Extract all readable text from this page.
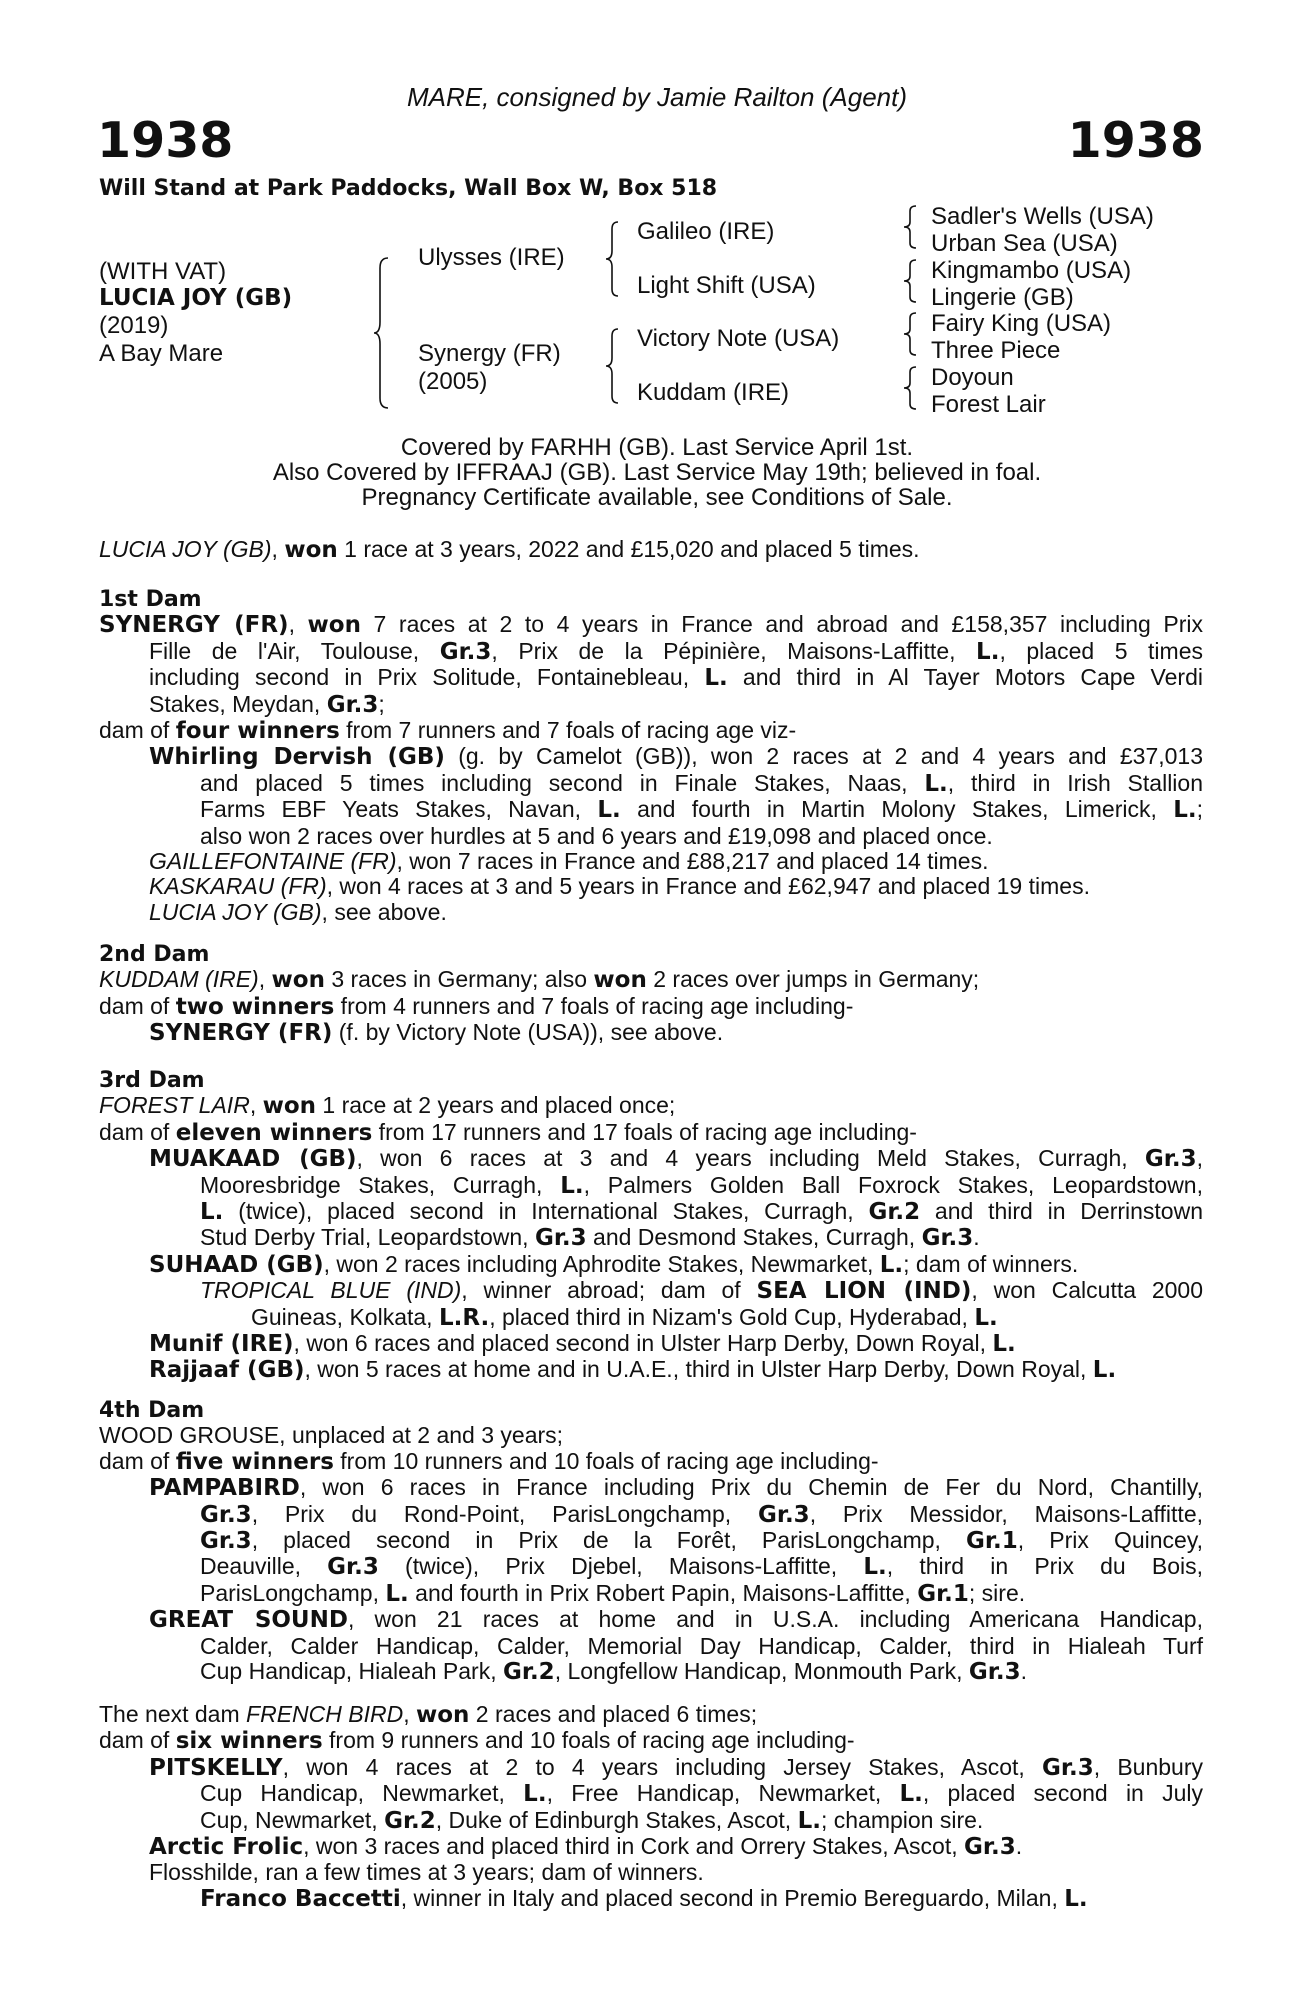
MARE, consigned by Jamie Railton (Agent)
1938	1938
Will Stand at Park Paddocks, Wall Box W, Box 518
(WITH VAT)
LUCIA JOY (GB)
(2019)
A Bay Mare
Ulysses (IRE)
Synergy (FR)
(2005)
Galileo (IRE)
Light Shift (USA)
Victory Note (USA)
Kuddam (IRE)
Sadler's Wells (USA)
Urban Sea (USA)
Kingmambo (USA)
Lingerie (GB)
Fairy King (USA)
Three Piece
Doyoun
Forest Lair
Covered by FARHH (GB). Last Service April 1st.
Also Covered by IFFRAAJ (GB). Last Service May 19th; believed in foal.
Pregnancy Certificate available, see Conditions of Sale.
LUCIA JOY (GB), won 1 race at 3 years, 2022 and £15,020 and placed 5 times.
1st Dam
SYNERGY (FR), won 7 races at 2 to 4 years in France and abroad and £158,357 including Prix
Fille de l'Air, Toulouse, Gr.3, Prix de la Pépinière, Maisons-Laffitte, L., placed 5 times
including second in Prix Solitude, Fontainebleau, L. and third in Al Tayer Motors Cape Verdi
Stakes, Meydan, Gr.3;
dam of four winners from 7 runners and 7 foals of racing age viz-
Whirling Dervish (GB) (g. by Camelot (GB)), won 2 races at 2 and 4 years and £37,013
and placed 5 times including second in Finale Stakes, Naas, L., third in Irish Stallion
Farms EBF Yeats Stakes, Navan, L. and fourth in Martin Molony Stakes, Limerick, L.;
also won 2 races over hurdles at 5 and 6 years and £19,098 and placed once.
GAILLEFONTAINE (FR), won 7 races in France and £88,217 and placed 14 times.
KASKARAU (FR), won 4 races at 3 and 5 years in France and £62,947 and placed 19 times.
LUCIA JOY (GB), see above.
2nd Dam
KUDDAM (IRE), won 3 races in Germany; also won 2 races over jumps in Germany;
dam of two winners from 4 runners and 7 foals of racing age including-
SYNERGY (FR) (f. by Victory Note (USA)), see above.
3rd Dam
FOREST LAIR, won 1 race at 2 years and placed once;
dam of eleven winners from 17 runners and 17 foals of racing age including-
MUAKAAD (GB), won 6 races at 3 and 4 years including Meld Stakes, Curragh, Gr.3,
Mooresbridge Stakes, Curragh, L., Palmers Golden Ball Foxrock Stakes, Leopardstown,
L. (twice), placed second in International Stakes, Curragh, Gr.2 and third in Derrinstown
Stud Derby Trial, Leopardstown, Gr.3 and Desmond Stakes, Curragh, Gr.3.
SUHAAD (GB), won 2 races including Aphrodite Stakes, Newmarket, L.; dam of winners.
TROPICAL BLUE (IND), winner abroad; dam of SEA LION (IND), won Calcutta 2000
Guineas, Kolkata, L.R., placed third in Nizam's Gold Cup, Hyderabad, L.
Munif (IRE), won 6 races and placed second in Ulster Harp Derby, Down Royal, L.
Rajjaaf (GB), won 5 races at home and in U.A.E., third in Ulster Harp Derby, Down Royal, L.
4th Dam
WOOD GROUSE, unplaced at 2 and 3 years;
dam of five winners from 10 runners and 10 foals of racing age including-
PAMPABIRD, won 6 races in France including Prix du Chemin de Fer du Nord, Chantilly,
Gr.3, Prix du Rond-Point, ParisLongchamp, Gr.3, Prix Messidor, Maisons-Laffitte,
Gr.3, placed second in Prix de la Forêt, ParisLongchamp, Gr.1, Prix Quincey,
Deauville, Gr.3 (twice), Prix Djebel, Maisons-Laffitte, L., third in Prix du Bois,
ParisLongchamp, L. and fourth in Prix Robert Papin, Maisons-Laffitte, Gr.1; sire.
GREAT SOUND, won 21 races at home and in U.S.A. including Americana Handicap,
Calder, Calder Handicap, Calder, Memorial Day Handicap, Calder, third in Hialeah Turf
Cup Handicap, Hialeah Park, Gr.2, Longfellow Handicap, Monmouth Park, Gr.3.
The next dam FRENCH BIRD, won 2 races and placed 6 times;
dam of six winners from 9 runners and 10 foals of racing age including-
PITSKELLY, won 4 races at 2 to 4 years including Jersey Stakes, Ascot, Gr.3, Bunbury
Cup Handicap, Newmarket, L., Free Handicap, Newmarket, L., placed second in July
Cup, Newmarket, Gr.2, Duke of Edinburgh Stakes, Ascot, L.; champion sire.
Arctic Frolic, won 3 races and placed third in Cork and Orrery Stakes, Ascot, Gr.3.
Flosshilde, ran a few times at 3 years; dam of winners.
Franco Baccetti, winner in Italy and placed second in Premio Bereguardo, Milan, L.
